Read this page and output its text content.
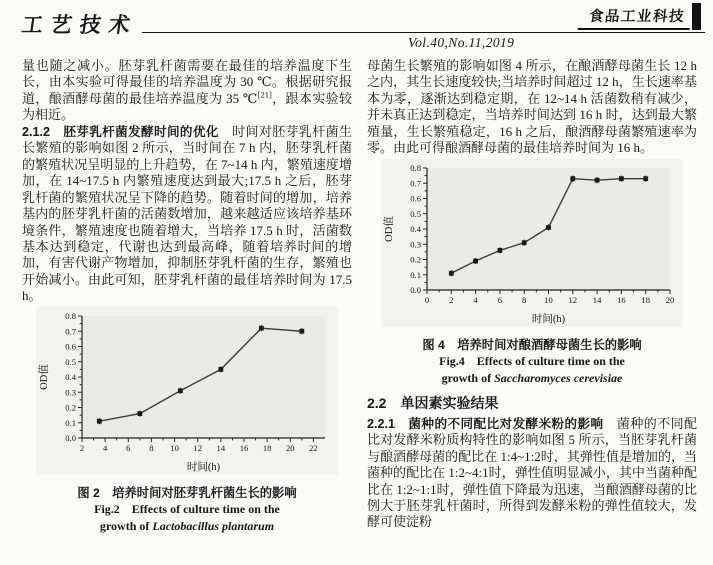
工艺技术
Vol.40,No.11,2019
食品工业科技

量也随之减小。胚芽乳杆菌需要在最佳的培养温度下生长，由本实验可得最佳的培养温度为 30 ℃。根据研究报道，酿酒酵母菌的最佳培养温度为 35 ℃[21]，跟本实验较为相近。

2.1.2　胚芽乳杆菌发酵时间的优化　时间对胚芽乳杆菌生长繁殖的影响如图 2 所示，当时间在 7 h 内，胚芽乳杆菌的繁殖状况呈明显的上升趋势，在 7~14 h 内，繁殖速度增加，在 14~17.5 h 内繁殖速度达到最大;17.5 h 之后，胚芽乳杆菌的繁殖状况呈下降的趋势。随着时间的增加，培养基内的胚芽乳杆菌的活菌数增加，越来越适应该培养基环境条件，繁殖速度也随着增大，当培养 17.5 h 时，活菌数基本达到稳定，代谢也达到最高峰，随着培养时间的增加，有害代谢产物增加，抑制胚芽乳杆菌的生存，繁殖也开始减小。由此可知，胚芽乳杆菌的最佳培养时间为 17.5 h。

2 4 6 8 10 12 14 16 18 20 22
0.0
0.1
0.2
0.3
0.4
0.5
0.6
0.7
0.8
时间(h)
OD值
图 2　培养时间对胚芽乳杆菌生长的影响
Fig.2　Effects of culture time on the
growth of Lactobacillus plantarum

母菌生长繁殖的影响如图 4 所示，在酿酒酵母菌生长 12 h 之内，其生长速度较快;当培养时间超过 12 h，生长速率基本为零，逐渐达到稳定期，在 12~14 h 活菌数稍有减少，并未真正达到稳定，当培养时间达到 16 h 时，达到最大繁殖量，生长繁殖稳定，16 h 之后，酿酒酵母菌繁殖速率为零。由此可得酿酒酵母菌的最佳培养时间为 16 h。

0 2 4 6 8 10 12 14 16 18 20
0.0
0.1
0.2
0.3
0.4
0.5
0.6
0.7
0.8
时间(h)
OD值
图 4　培养时间对酿酒酵母菌生长的影响
Fig.4　Effects of culture time on the
growth of Saccharomyces cerevisiae
2.2　单因素实验结果

2.2.1　菌种的不同配比对发酵米粉的影响　菌种的不同配比对发酵米粉质构特性的影响如图 5 所示，当胚芽乳杆菌与酿酒酵母菌的配比在 1:4~1:2时，其弹性值是增加的，当菌种的配比在 1:2~4:1时，弹性值明显减小，其中当菌种配比在 1:2~1:1时，弹性值下降最为迅速，当酿酒酵母菌的比例大于胚芽乳杆菌时，所得到发酵米粉的弹性值较大，发酵可使淀粉
